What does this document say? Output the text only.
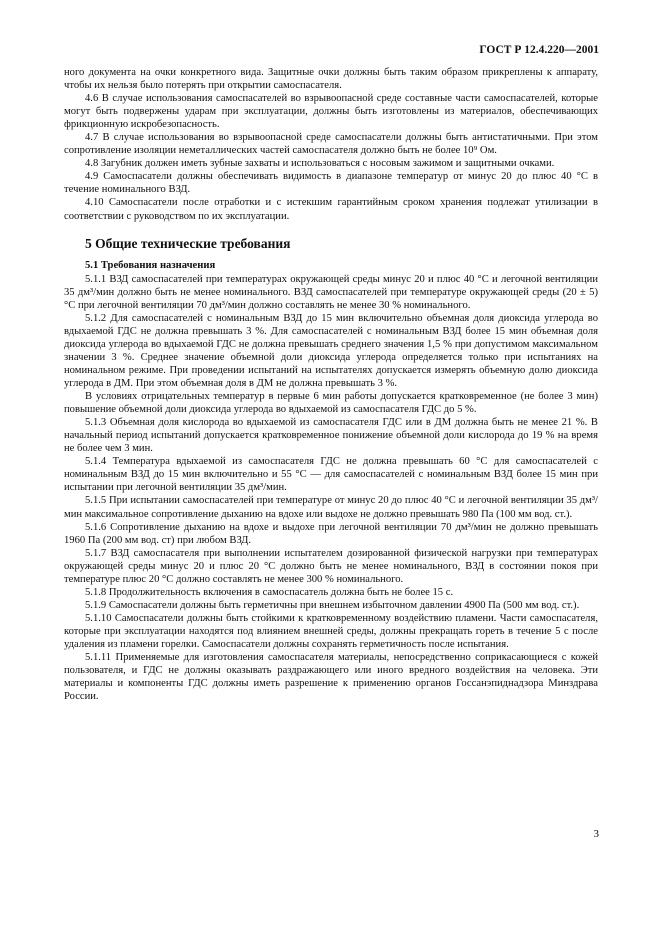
ГОСТ Р 12.4.220—2001

ного документа на очки конкретного вида. Защитные очки должны быть таким образом прикреплены к аппарату, чтобы их нельзя было потерять при открытии самоспасателя.

4.6 В случае использования самоспасателей во взрывоопасной среде составные части самоспасателей, которые могут быть подвержены ударам при эксплуатации, должны быть изготовлены из материалов, обеспечивающих фрикционную искробезопасность.

4.7 В случае использования во взрывоопасной среде самоспасатели должны быть антистатичными. При этом сопротивление изоляции неметаллических частей самоспасателя должно быть не более 10⁹ Ом.

4.8 Загубник должен иметь зубные захваты и использоваться с носовым зажимом и защитными очками.

4.9 Самоспасатели должны обеспечивать видимость в диапазоне температур от минус 20 до плюс 40 °С в течение номинального ВЗД.

4.10 Самоспасатели после отработки и с истекшим гарантийным сроком хранения подлежат утилизации в соответствии с руководством по их эксплуатации.

5 Общие технические требования
5.1 Требования назначения

5.1.1 ВЗД самоспасателей при температурах окружающей среды минус 20 и плюс 40 °С и легочной вентиляции 35 дм³/мин должно быть не менее номинального. ВЗД самоспасателей при температуре окружающей среды (20 ± 5) °С при легочной вентиляции 70 дм³/мин должно составлять не менее 30 % номинального.

5.1.2 Для самоспасателей с номинальным ВЗД до 15 мин включительно объемная доля диоксида углерода во вдыхаемой ГДС не должна превышать 3 %. Для самоспасателей с номинальным ВЗД более 15 мин объемная доля диоксида углерода во вдыхаемой ГДС не должна превышать среднего значения 1,5 % при допустимом максимальном значении 3 %. Среднее значение объемной доли диоксида углерода определяется только при испытаниях на номинальном режиме. При проведении испытаний на испытателях допускается измерять объемную долю диоксида углерода в ДМ. При этом объемная доля в ДМ не должна превышать 3 %.

В условиях отрицательных температур в первые 6 мин работы допускается кратковременное (не более 3 мин) повышение объемной доли диоксида углерода во вдыхаемой из самоспасателя ГДС до 5 %.

5.1.3 Объемная доля кислорода во вдыхаемой из самоспасателя ГДС или в ДМ должна быть не менее 21 %. В начальный период испытаний допускается кратковременное понижение объемной доли кислорода до 19 % на время не более чем 3 мин.

5.1.4 Температура вдыхаемой из самоспасателя ГДС не должна превышать 60 °С для самоспасателей с номинальным ВЗД до 15 мин включительно и 55 °С — для самоспасателей с номинальным ВЗД более 15 мин при испытании при легочной вентиляции 35 дм³/мин.

5.1.5 При испытании самоспасателей при температуре от минус 20 до плюс 40 °С и легочной вентиляции 35 дм³/мин максимальное сопротивление дыханию на вдохе или выдохе не должно превышать 980 Па (100 мм вод. ст.).

5.1.6 Сопротивление дыханию на вдохе и выдохе при легочной вентиляции 70 дм³/мин не должно превышать 1960 Па (200 мм вод. ст) при любом ВЗД.

5.1.7 ВЗД самоспасателя при выполнении испытателем дозированной физической нагрузки при температурах окружающей среды минус 20 и плюс 20 °С должно быть не менее номинального, ВЗД в состоянии покоя при температуре плюс 20 °С должно составлять не менее 300 % номинального.

5.1.8 Продолжительность включения в самоспасатель должна быть не более 15 с.

5.1.9 Самоспасатели должны быть герметичны при внешнем избыточном давлении 4900 Па (500 мм вод. ст.).

5.1.10 Самоспасатели должны быть стойкими к кратковременному воздействию пламени. Части самоспасателя, которые при эксплуатации находятся под влиянием внешней среды, должны прекращать гореть в течение 5 с после удаления из пламени горелки. Самоспасатели должны сохранять герметичность после испытания.

5.1.11 Применяемые для изготовления самоспасателя материалы, непосредственно соприкасающиеся с кожей пользователя, и ГДС не должны оказывать раздражающего или иного вредного воздействия на человека. Эти материалы и компоненты ГДС должны иметь разрешение к применению органов Госсанэпиднадзора Минздрава России.

3
